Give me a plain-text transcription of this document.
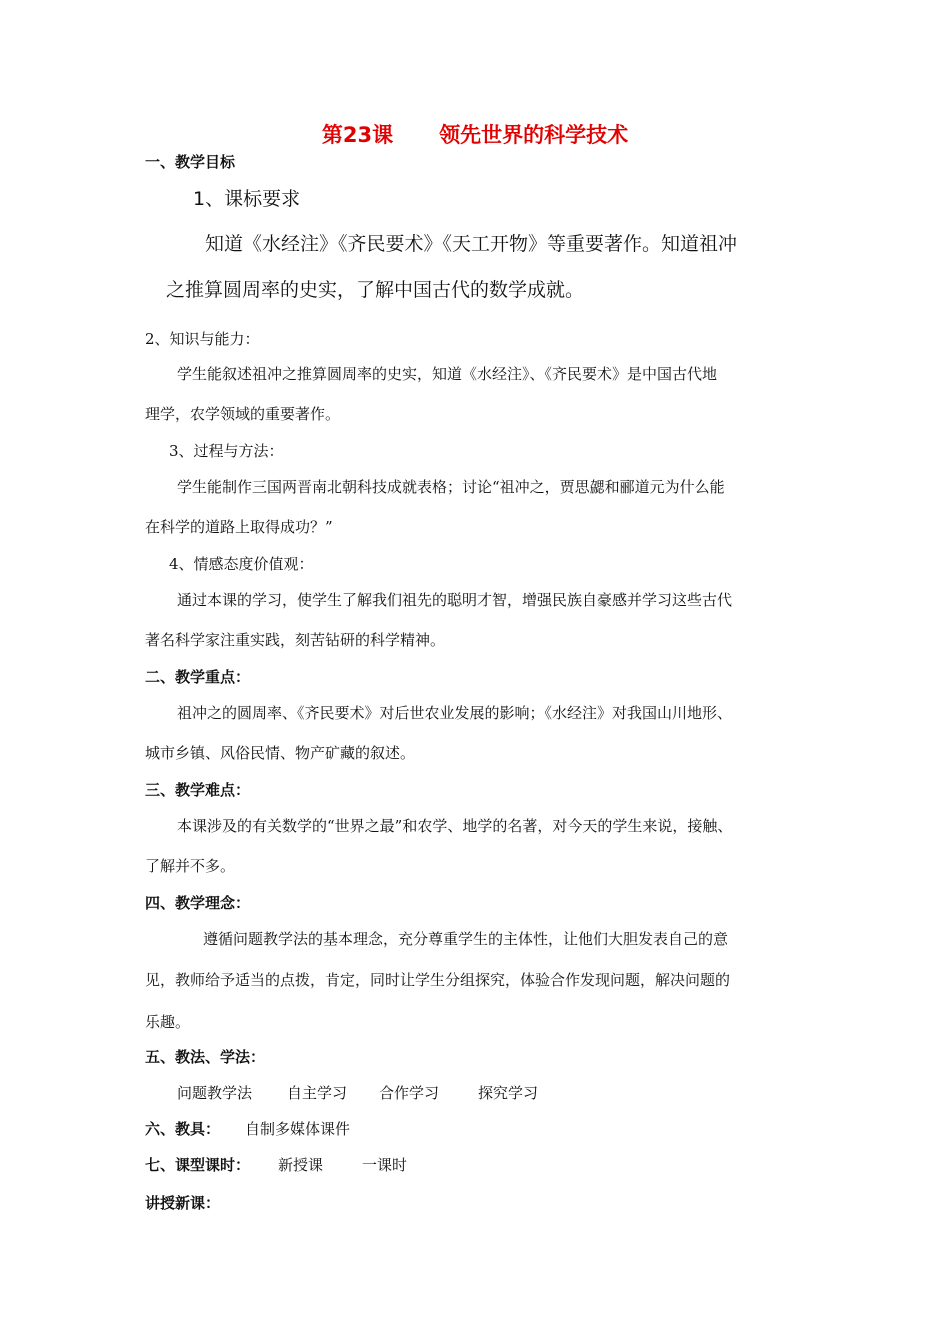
第23课 领先世界的科学技术
一、教学目标
1、课标要求
知道《水经注》《齐民要术》《天工开物》等重要著作。知道祖冲
之推算圆周率的史实，了解中国古代的数学成就。
2、知识与能力：
学生能叙述祖冲之推算圆周率的史实，知道《水经注》、《齐民要术》是中国古代地
理学，农学领域的重要著作。
3、过程与方法：
学生能制作三国两晋南北朝科技成就表格；讨论“祖冲之，贾思勰和郦道元为什么能
在科学的道路上取得成功？”
4、情感态度价值观：
通过本课的学习，使学生了解我们祖先的聪明才智，增强民族自豪感并学习这些古代
著名科学家注重实践，刻苦钻研的科学精神。
二、教学重点：
祖冲之的圆周率、《齐民要术》对后世农业发展的影响；《水经注》对我国山川地形、
城市乡镇、风俗民情、物产矿藏的叙述。
三、教学难点：
本课涉及的有关数学的“世界之最”和农学、地学的名著，对今天的学生来说，接触、
了解并不多。
四、教学理念：
遵循问题教学法的基本理念，充分尊重学生的主体性，让他们大胆发表自己的意
见，教师给予适当的点拨，肯定，同时让学生分组探究，体验合作发现问题，解决问题的
乐趣。
五、教法、学法：
问题教学法 自主学习 合作学习	探究学习
六、教具： 自制多媒体课件
七、课型课时： 新授课	一课时
讲授新课：
